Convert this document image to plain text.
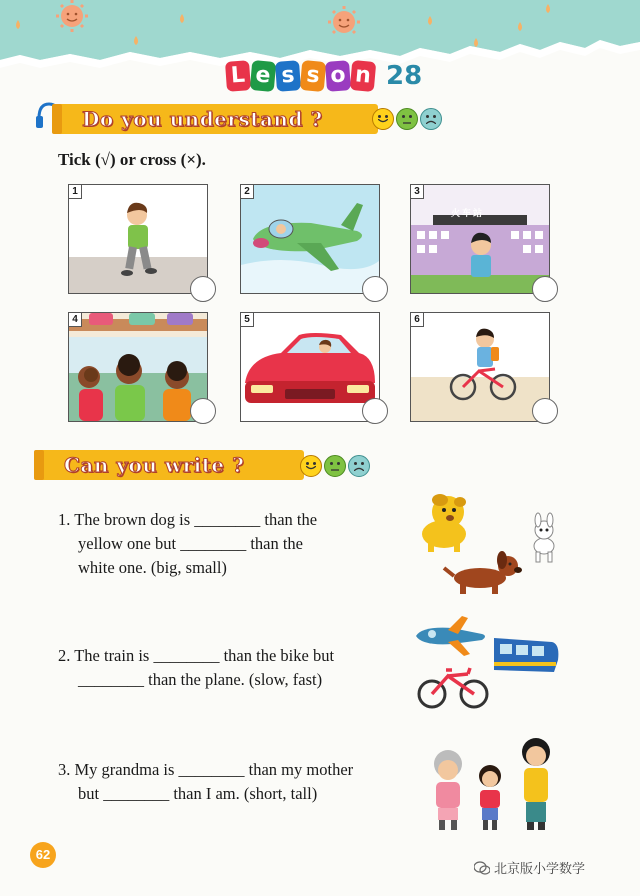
L e s s o n 28
Do you understand ?
Tick (√) or cross (×).
1	2	3
火车站
4	5	6
Can you write ?
1. The brown dog is ________ than the
yellow one but ________ than the
white one. (big, small)
2. The train is ________ than the bike but
________ than the plane. (slow, fast)
3. My grandma is ________ than my mother
but ________ than I am. (short, tall)
62
北京版小学数学
